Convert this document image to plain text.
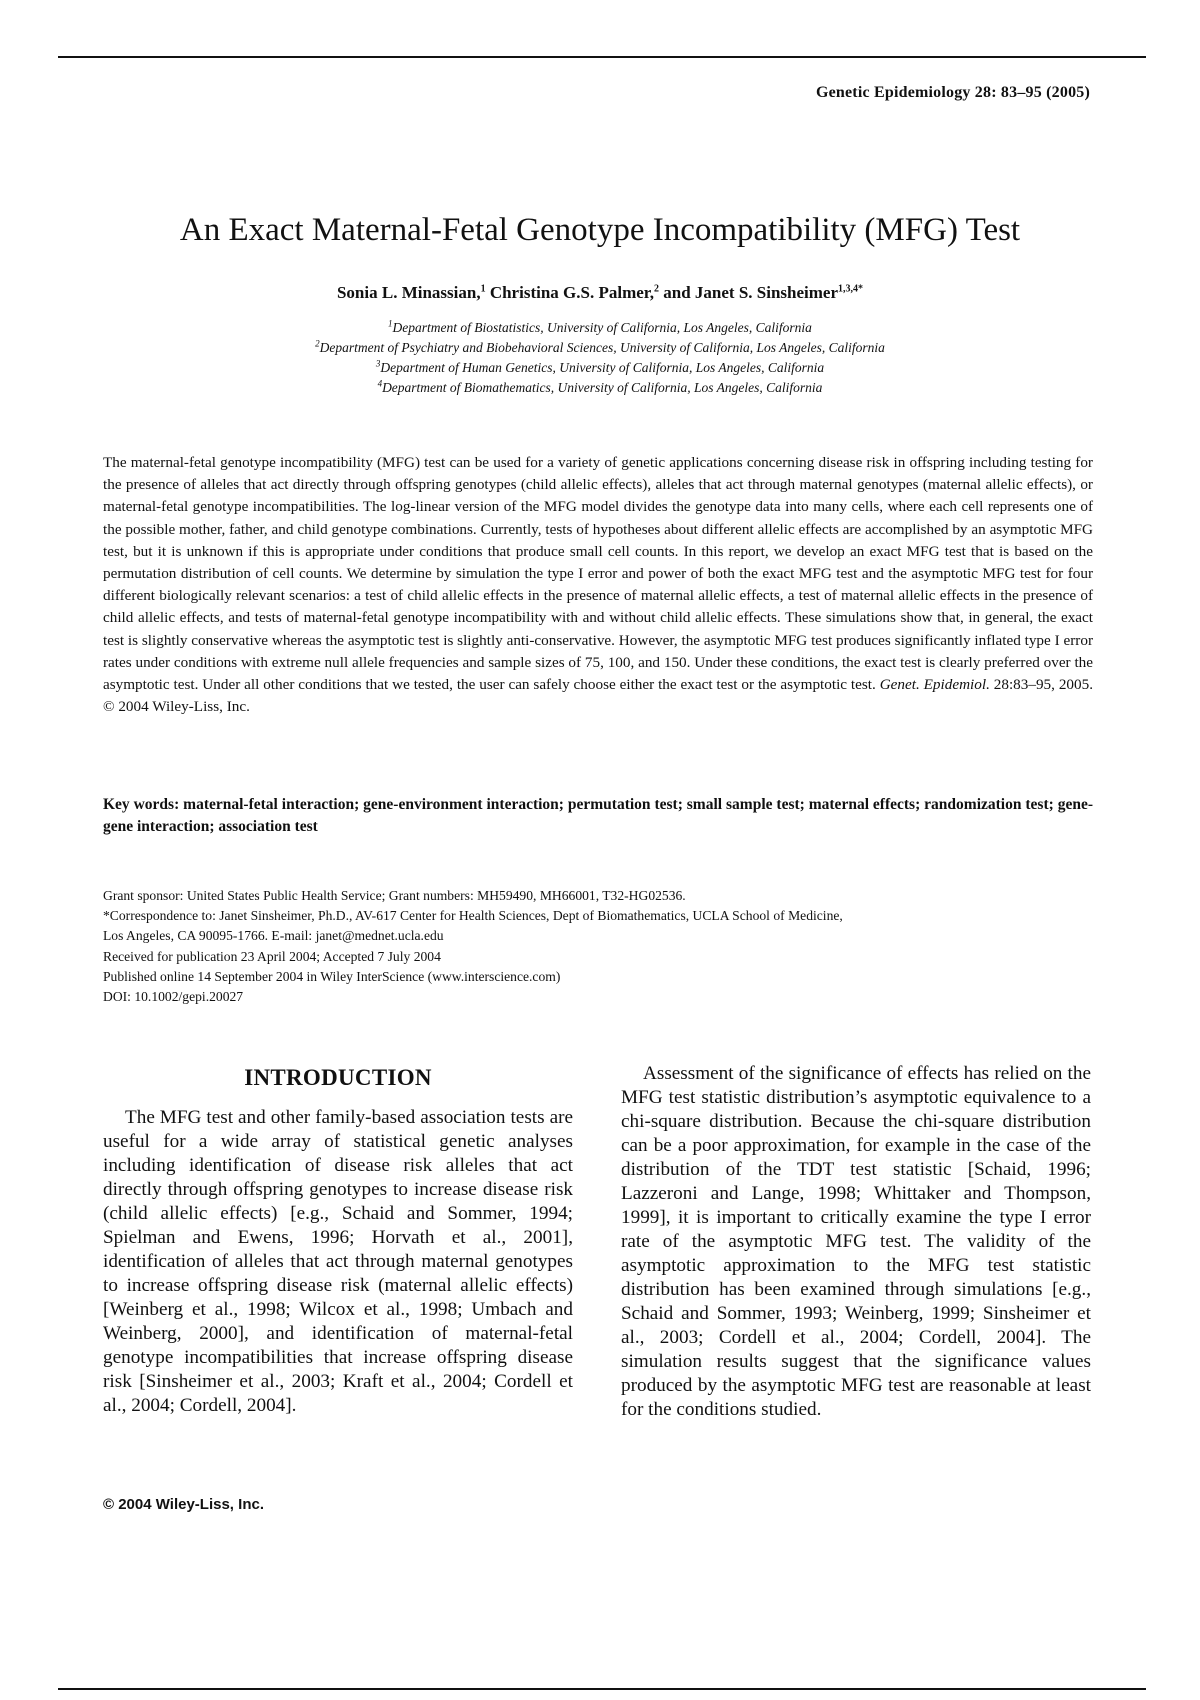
Genetic Epidemiology 28: 83–95 (2005)
An Exact Maternal-Fetal Genotype Incompatibility (MFG) Test
Sonia L. Minassian,$^1$ Christina G.S. Palmer,$^2$ and Janet S. Sinsheimer$^{1,3,4*}$
$^1$Department of Biostatistics, University of California, Los Angeles, California
$^2$Department of Psychiatry and Biobehavioral Sciences, University of California, Los Angeles, California
$^3$Department of Human Genetics, University of California, Los Angeles, California
$^4$Department of Biomathematics, University of California, Los Angeles, California
The maternal-fetal genotype incompatibility (MFG) test can be used for a variety of genetic applications concerning disease risk in offspring including testing for the presence of alleles that act directly through offspring genotypes (child allelic effects), alleles that act through maternal genotypes (maternal allelic effects), or maternal-fetal genotype incompatibilities. The log-linear version of the MFG model divides the genotype data into many cells, where each cell represents one of the possible mother, father, and child genotype combinations. Currently, tests of hypotheses about different allelic effects are accomplished by an asymptotic MFG test, but it is unknown if this is appropriate under conditions that produce small cell counts. In this report, we develop an exact MFG test that is based on the permutation distribution of cell counts. We determine by simulation the type I error and power of both the exact MFG test and the asymptotic MFG test for four different biologically relevant scenarios: a test of child allelic effects in the presence of maternal allelic effects, a test of maternal allelic effects in the presence of child allelic effects, and tests of maternal-fetal genotype incompatibility with and without child allelic effects. These simulations show that, in general, the exact test is slightly conservative whereas the asymptotic test is slightly anti-conservative. However, the asymptotic MFG test produces significantly inflated type I error rates under conditions with extreme null allele frequencies and sample sizes of 75, 100, and 150. Under these conditions, the exact test is clearly preferred over the asymptotic test. Under all other conditions that we tested, the user can safely choose either the exact test or the asymptotic test. Genet. Epidemiol. 28:83–95, 2005. © 2004 Wiley-Liss, Inc.
Key words: maternal-fetal interaction; gene-environment interaction; permutation test; small sample test; maternal effects; randomization test; gene-gene interaction; association test
Grant sponsor: United States Public Health Service; Grant numbers: MH59490, MH66001, T32-HG02536.
*Correspondence to: Janet Sinsheimer, Ph.D., AV-617 Center for Health Sciences, Dept of Biomathematics, UCLA School of Medicine,
Los Angeles, CA 90095-1766. E-mail: janet@mednet.ucla.edu
Received for publication 23 April 2004; Accepted 7 July 2004
Published online 14 September 2004 in Wiley InterScience (www.interscience.com)
DOI: 10.1002/gepi.20027
INTRODUCTION

The MFG test and other family-based association tests are useful for a wide array of statistical genetic analyses including identification of disease risk alleles that act directly through offspring genotypes to increase disease risk (child allelic effects) [e.g., Schaid and Sommer, 1994; Spielman and Ewens, 1996; Horvath et al., 2001], identification of alleles that act through maternal genotypes to increase offspring disease risk (maternal allelic effects) [Weinberg et al., 1998; Wilcox et al., 1998; Umbach and Weinberg, 2000], and identification of maternal-fetal genotype incompatibilities that increase offspring disease risk [Sinsheimer et al., 2003; Kraft et al., 2004; Cordell et al., 2004; Cordell, 2004].

Assessment of the significance of effects has relied on the MFG test statistic distribution’s asymptotic equivalence to a chi-square distribution. Because the chi-square distribution can be a poor approximation, for example in the case of the distribution of the TDT test statistic [Schaid, 1996; Lazzeroni and Lange, 1998; Whittaker and Thompson, 1999], it is important to critically examine the type I error rate of the asymptotic MFG test. The validity of the asymptotic approximation to the MFG test statistic distribution has been examined through simulations [e.g., Schaid and Sommer, 1993; Weinberg, 1999; Sinsheimer et al., 2003; Cordell et al., 2004; Cordell, 2004]. The simulation results suggest that the significance values produced by the asymptotic MFG test are reasonable at least for the conditions studied.

© 2004 Wiley-Liss, Inc.
